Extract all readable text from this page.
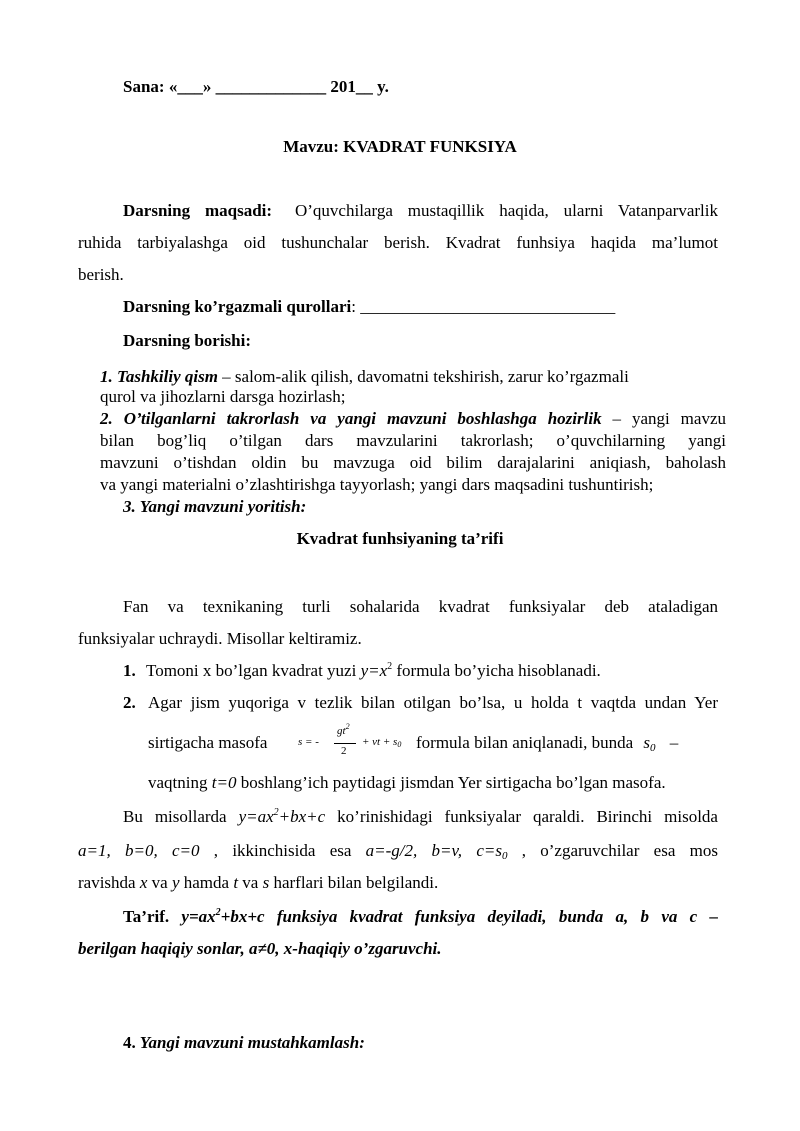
Sana: «___» _____________ 201__ y.
Mavzu: KVADRAT FUNKSIYA
Darsning maqsadi: O’quvchilarga mustaqillik haqida, ularni Vatanparvarlik
ruhida tarbiyalashga oid tushunchalar berish. Kvadrat funhsiya haqida ma’lumot
berish.
Darsning ko’rgazmali qurollari: ______________________________
Darsning borishi:
1. Tashkiliy qism – salom-alik qilish, davomatni tekshirish, zarur ko’rgazmali
qurol va jihozlarni darsga hozirlash;
2. O’tilganlarni takrorlash va yangi mavzuni boshlashga hozirlik – yangi mavzu
bilan bog’liq o’tilgan dars mavzularini takrorlash; o’quvchilarning yangi
mavzuni o’tishdan oldin bu mavzuga oid bilim darajalarini aniqiash, baholash
va yangi materialni o’zlashtirishga tayyorlash; yangi dars maqsadini tushuntirish;
3. Yangi mavzuni yoritish:
Kvadrat funhsiyaning ta’rifi
Fan va texnikaning turli sohalarida kvadrat funksiyalar deb ataladigan
funksiyalar uchraydi. Misollar keltiramiz.
1. Tomoni x bo’lgan kvadrat yuzi $y=x^2$ formula bo’yicha hisoblanadi.
2. Agar jism yuqoriga v tezlik bilan otilgan bo’lsa, u holda t vaqtda undan Yer
sirtigacha masofa	s = -
$gt^2$
2
+ vt + $s_0$ formula bilan aniqlanadi, bunda $s_0$ –
vaqtning t=0 boshlang’ich paytidagi jismdan Yer sirtigacha bo’lgan masofa.
Bu misollarda $y=ax^2+bx+c$ ko’rinishidagi funksiyalar qaraldi. Birinchi misolda
a=1, b=0, c=0 , ikkinchisida esa a=-g/2, b=v, $c=s_0$ , o’zgaruvchilar esa mos
ravishda x va y hamda t va s harflari bilan belgilandi.
Ta’rif. $y=ax^2+bx+c$ funksiya kvadrat funksiya deyiladi, bunda a, b va c –
berilgan haqiqiy sonlar, a≠0, x-haqiqiy o’zgaruvchi.
4. Yangi mavzuni mustahkamlash:
